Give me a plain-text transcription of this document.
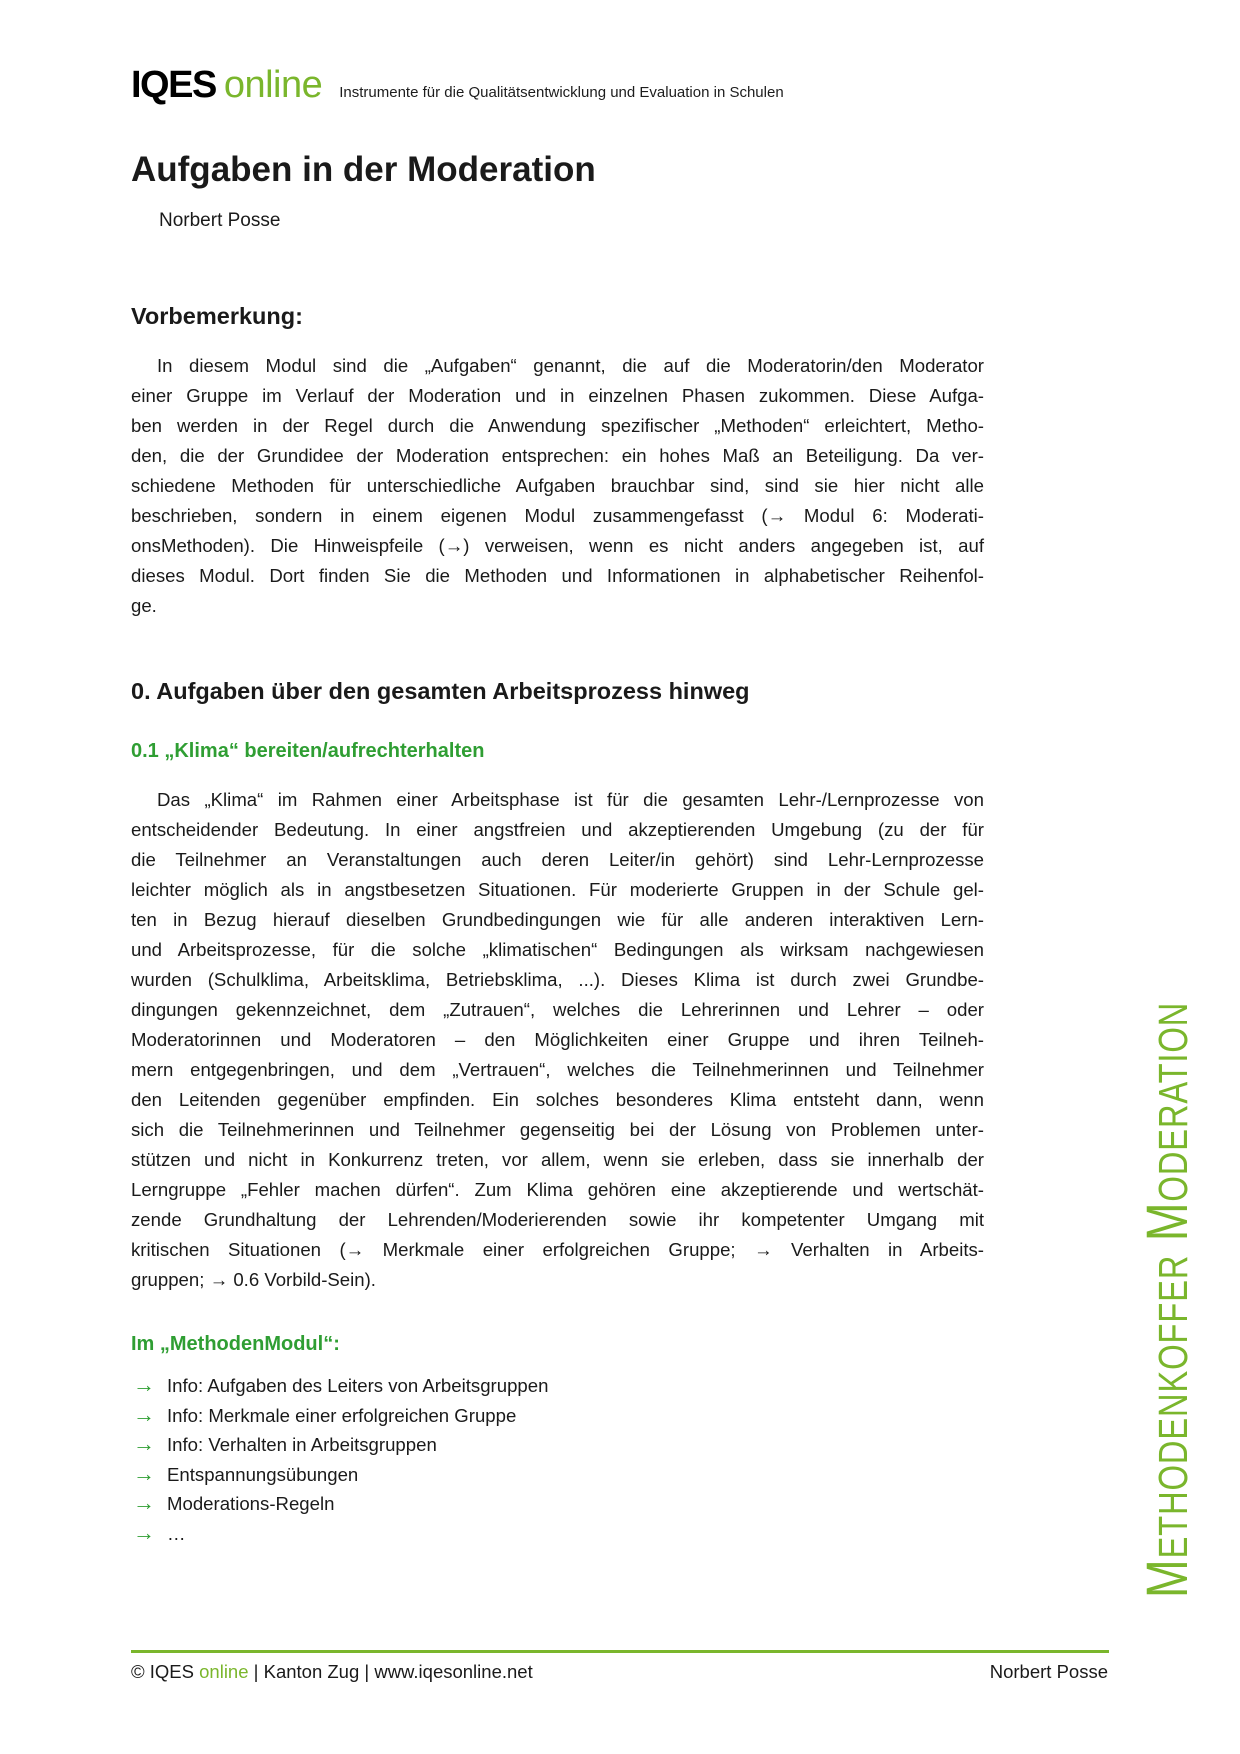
IQES online Instrumente für die Qualitätsentwicklung und Evaluation in Schulen
Aufgaben in der Moderation
Norbert Posse
Vorbemerkung:
In diesem Modul sind die „Aufgaben“ genannt, die auf die Moderatorin/den Moderator
einer Gruppe im Verlauf der Moderation und in einzelnen Phasen zukommen. Diese Aufga-
ben werden in der Regel durch die Anwendung spezifischer „Methoden“ erleichtert, Metho-
den, die der Grundidee der Moderation entsprechen: ein hohes Maß an Beteiligung. Da ver-
schiedene Methoden für unterschiedliche Aufgaben brauchbar sind, sind sie hier nicht alle
beschrieben, sondern in einem eigenen Modul zusammengefasst (→ Modul 6: Moderati-
onsMethoden). Die Hinweispfeile (→) verweisen, wenn es nicht anders angegeben ist, auf
dieses Modul. Dort finden Sie die Methoden und Informationen in alphabetischer Reihenfol-
ge.
0. Aufgaben über den gesamten Arbeitsprozess hinweg
0.1 „Klima“ bereiten/aufrechterhalten
Das „Klima“ im Rahmen einer Arbeitsphase ist für die gesamten Lehr-/Lernprozesse von
entscheidender Bedeutung. In einer angstfreien und akzeptierenden Umgebung (zu der für
die Teilnehmer an Veranstaltungen auch deren Leiter/in gehört) sind Lehr-Lernprozesse
leichter möglich als in angstbesetzen Situationen. Für moderierte Gruppen in der Schule gel-
ten in Bezug hierauf dieselben Grundbedingungen wie für alle anderen interaktiven Lern-
und Arbeitsprozesse, für die solche „klimatischen“ Bedingungen als wirksam nachgewiesen
wurden (Schulklima, Arbeitsklima, Betriebsklima, ...). Dieses Klima ist durch zwei Grundbe-
dingungen gekennzeichnet, dem „Zutrauen“, welches die Lehrerinnen und Lehrer – oder
Moderatorinnen und Moderatoren – den Möglichkeiten einer Gruppe und ihren Teilneh-
mern entgegenbringen, und dem „Vertrauen“, welches die Teilnehmerinnen und Teilnehmer
den Leitenden gegenüber empfinden. Ein solches besonderes Klima entsteht dann, wenn
sich die Teilnehmerinnen und Teilnehmer gegenseitig bei der Lösung von Problemen unter-
stützen und nicht in Konkurrenz treten, vor allem, wenn sie erleben, dass sie innerhalb der
Lerngruppe „Fehler machen dürfen“. Zum Klima gehören eine akzeptierende und wertschät-
zende Grundhaltung der Lehrenden/Moderierenden sowie ihr kompetenter Umgang mit
kritischen Situationen (→ Merkmale einer erfolgreichen Gruppe; → Verhalten in Arbeits-
gruppen; → 0.6 Vorbild-Sein).
Im „MethodenModul“:
→ Info: Aufgaben des Leiters von Arbeitsgruppen
→ Info: Merkmale einer erfolgreichen Gruppe
→ Info: Verhalten in Arbeitsgruppen
→ Entspannungsübungen
→ Moderations-Regeln
→ …	Methodenkoffer Moderation
© IQES online | Kanton Zug | www.iqesonline.net	Norbert Posse
